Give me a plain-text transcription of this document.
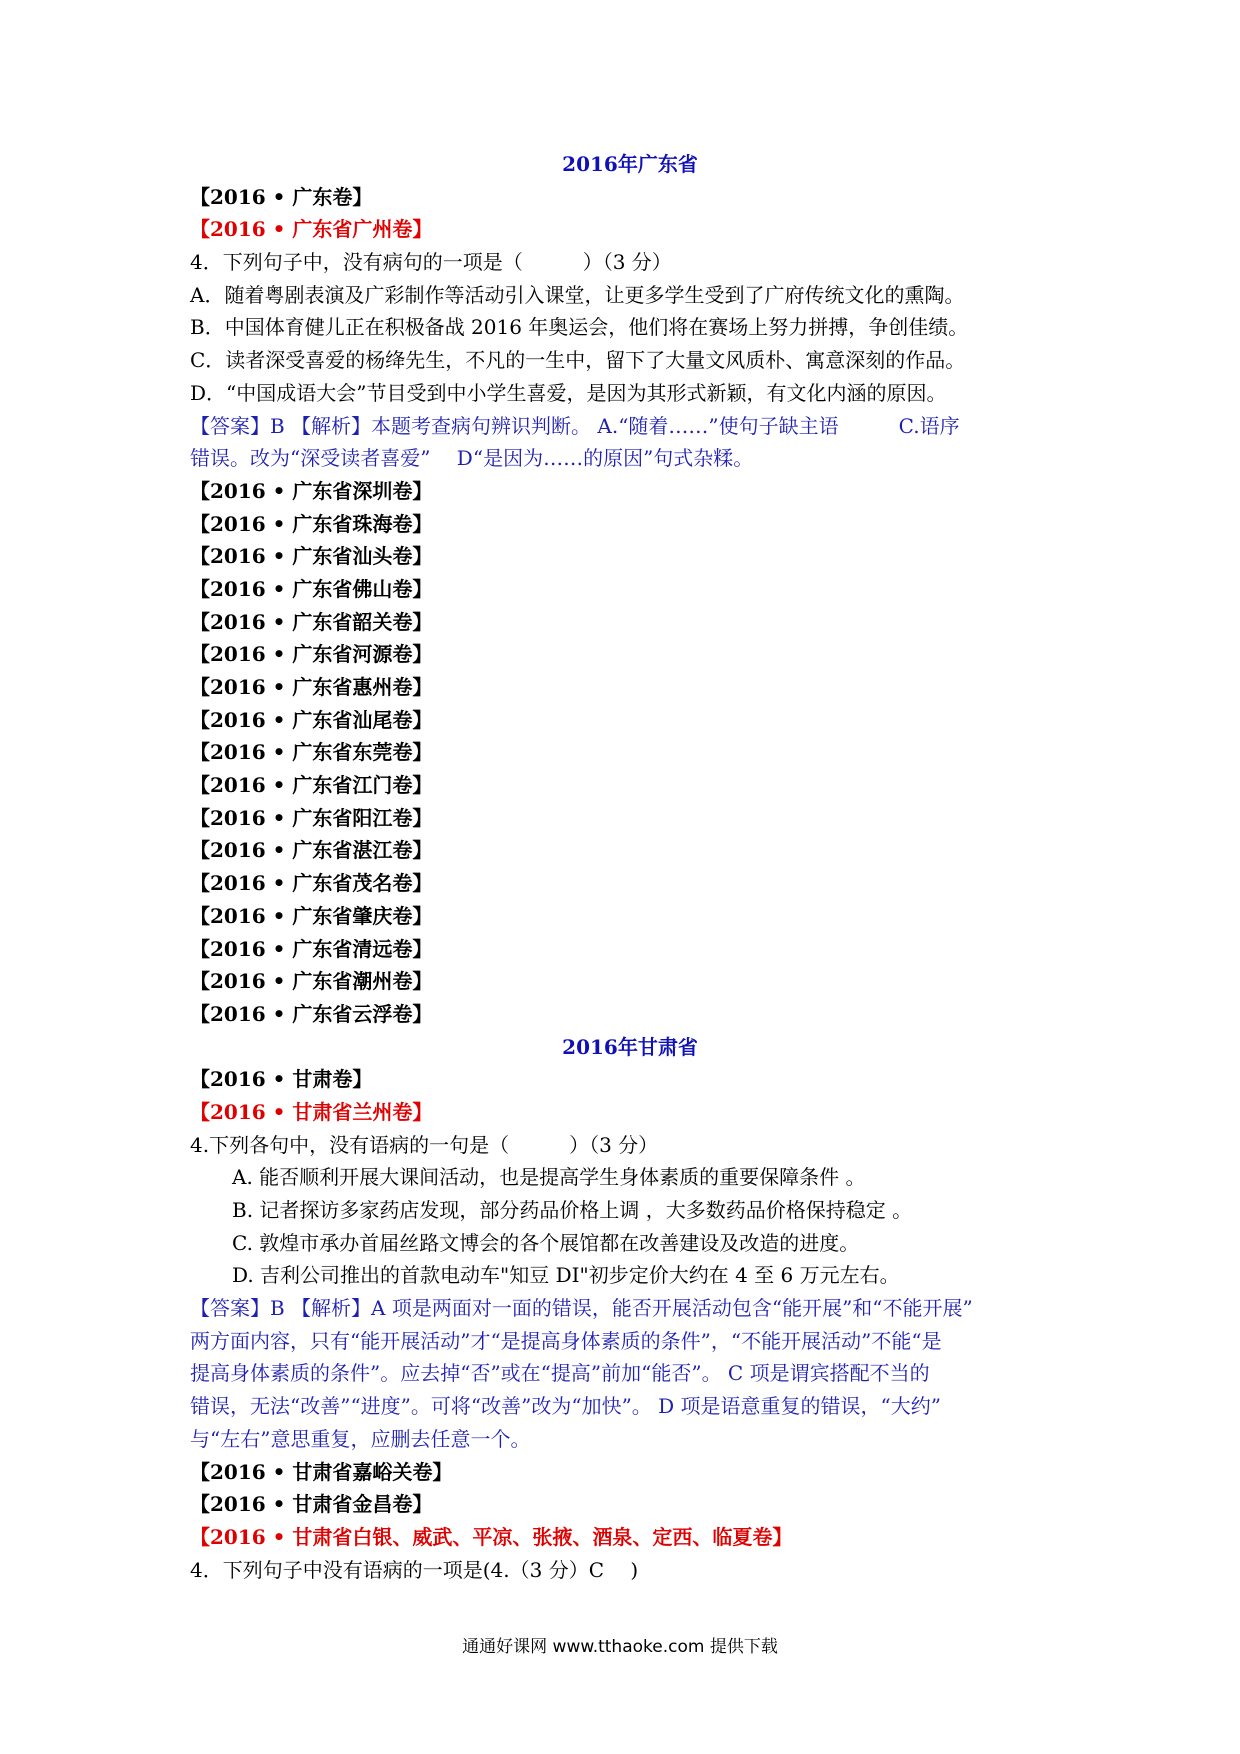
2016年广东省
【2016 • 广东卷】
【2016 • 广东省广州卷】
4．下列句子中，没有病句的一项是（　　　）（3 分）
A．随着粤剧表演及广彩制作等活动引入课堂，让更多学生受到了广府传统文化的熏陶。
B．中国体育健儿正在积极备战 2016 年奥运会，他们将在赛场上努力拼搏，争创佳绩。
C．读者深受喜爱的杨绛先生，不凡的一生中，留下了大量文风质朴、寓意深刻的作品。
D．“中国成语大会”节目受到中小学生喜爱，是因为其形式新颖，有文化内涵的原因。
【答案】B 【解析】本题考查病句辨识判断。 A.“随着……”使句子缺主语　　　C.语序
错误。改为“深受读者喜爱”　 D“是因为……的原因”句式杂糅。
【2016 • 广东省深圳卷】
【2016 • 广东省珠海卷】
【2016 • 广东省汕头卷】
【2016 • 广东省佛山卷】
【2016 • 广东省韶关卷】
【2016 • 广东省河源卷】
【2016 • 广东省惠州卷】
【2016 • 广东省汕尾卷】
【2016 • 广东省东莞卷】
【2016 • 广东省江门卷】
【2016 • 广东省阳江卷】
【2016 • 广东省湛江卷】
【2016 • 广东省茂名卷】
【2016 • 广东省肇庆卷】
【2016 • 广东省清远卷】
【2016 • 广东省潮州卷】
【2016 • 广东省云浮卷】
2016年甘肃省
【2016 • 甘肃卷】
【2016 • 甘肃省兰州卷】
4.下列各句中，没有语病的一句是（　　　）（3 分）
A. 能否顺利开展大课间活动，也是提高学生身体素质的重要保障条件 。
B. 记者探访多家药店发现，部分药品价格上调 ，大多数药品价格保持稳定 。
C. 敦煌市承办首届丝路文博会的各个展馆都在改善建设及改造的进度。
D. 吉利公司推出的首款电动车"知豆 DI"初步定价大约在 4 至 6 万元左右。
【答案】B 【解析】A 项是两面对一面的错误，能否开展活动包含“能开展”和“不能开展”
两方面内容，只有“能开展活动”才“是提高身体素质的条件”，“不能开展活动”不能“是
提高身体素质的条件”。应去掉“否”或在“提高”前加“能否”。 C 项是谓宾搭配不当的
错误，无法“改善”“进度”。可将“改善”改为“加快”。 D 项是语意重复的错误，“大约”
与“左右”意思重复，应删去任意一个。
【2016 • 甘肃省嘉峪关卷】
【2016 • 甘肃省金昌卷】
【2016 • 甘肃省白银、威武、平凉、张掖、酒泉、定西、临夏卷】
4．下列句子中没有语病的一项是(4.（3 分）C　 )
通通好课网 www.tthaoke.com 提供下载
